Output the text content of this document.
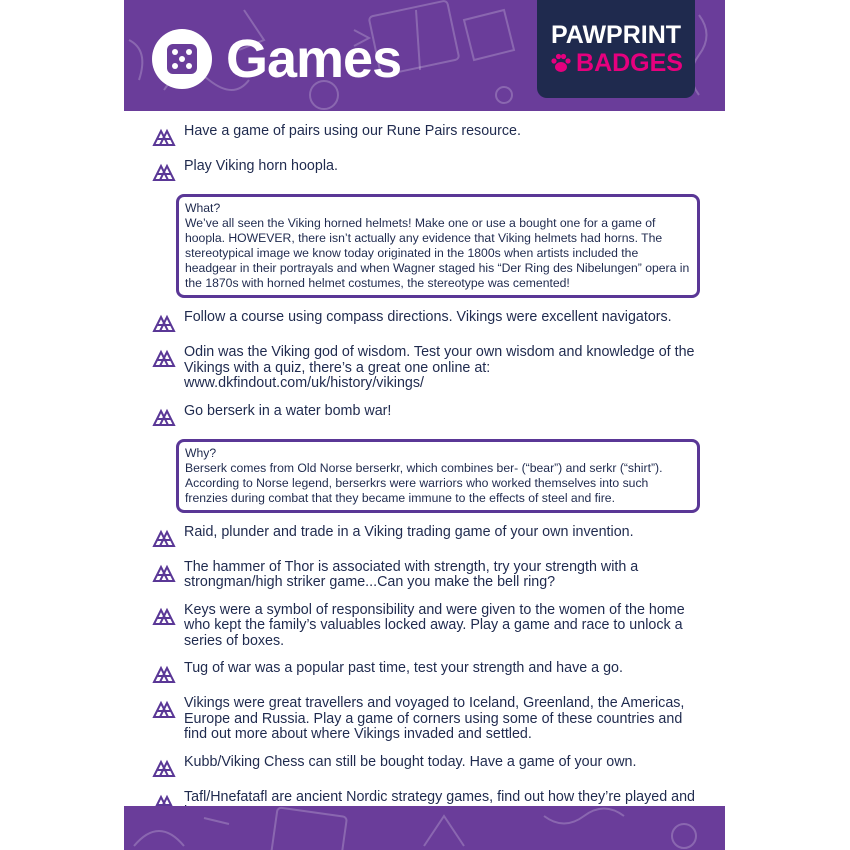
Games	PAWPRINT
BADGES
Have a game of pairs using our Rune Pairs resource.
Play Viking horn hoopla.
What?
We’ve all seen the Viking horned helmets! Make one or use a bought one for a game of hoopla. HOWEVER, there isn’t actually any evidence that Viking helmets had horns. The stereotypical image we know today originated in the 1800s when artists included the headgear in their portrayals and when Wagner staged his “Der Ring des Nibelungen” opera in the 1870s with horned helmet costumes, the stereotype was cemented!
Follow a course using compass directions. Vikings were excellent navigators.
Odin was the Viking god of wisdom. Test your own wisdom and knowledge of the Vikings with a quiz, there’s a great one online at: www.dkfindout.com/uk/history/vikings/
Go berserk in a water bomb war!
Why?
Berserk comes from Old Norse berserkr, which combines ber- (“bear”) and serkr (“shirt”). According to Norse legend, berserkrs were warriors who worked themselves into such frenzies during combat that they became immune to the effects of steel and fire.
Raid, plunder and trade in a Viking trading game of your own invention.
The hammer of Thor is associated with strength, try your strength with a strongman/high striker game...Can you make the bell ring?
Keys were a symbol of responsibility and were given to the women of the home who kept the family’s valuables locked away. Play a game and race to unlock a series of boxes.
Tug of war was a popular past time, test your strength and have a go.
Vikings were great travellers and voyaged to Iceland, Greenland, the Americas, Europe and Russia. Play a game of corners using some of these countries and find out more about where Vikings invaded and settled.
Kubb/Viking Chess can still be bought today. Have a game of your own.
Tafl/Hnefatafl are ancient Nordic strategy games, find out how they’re played and
